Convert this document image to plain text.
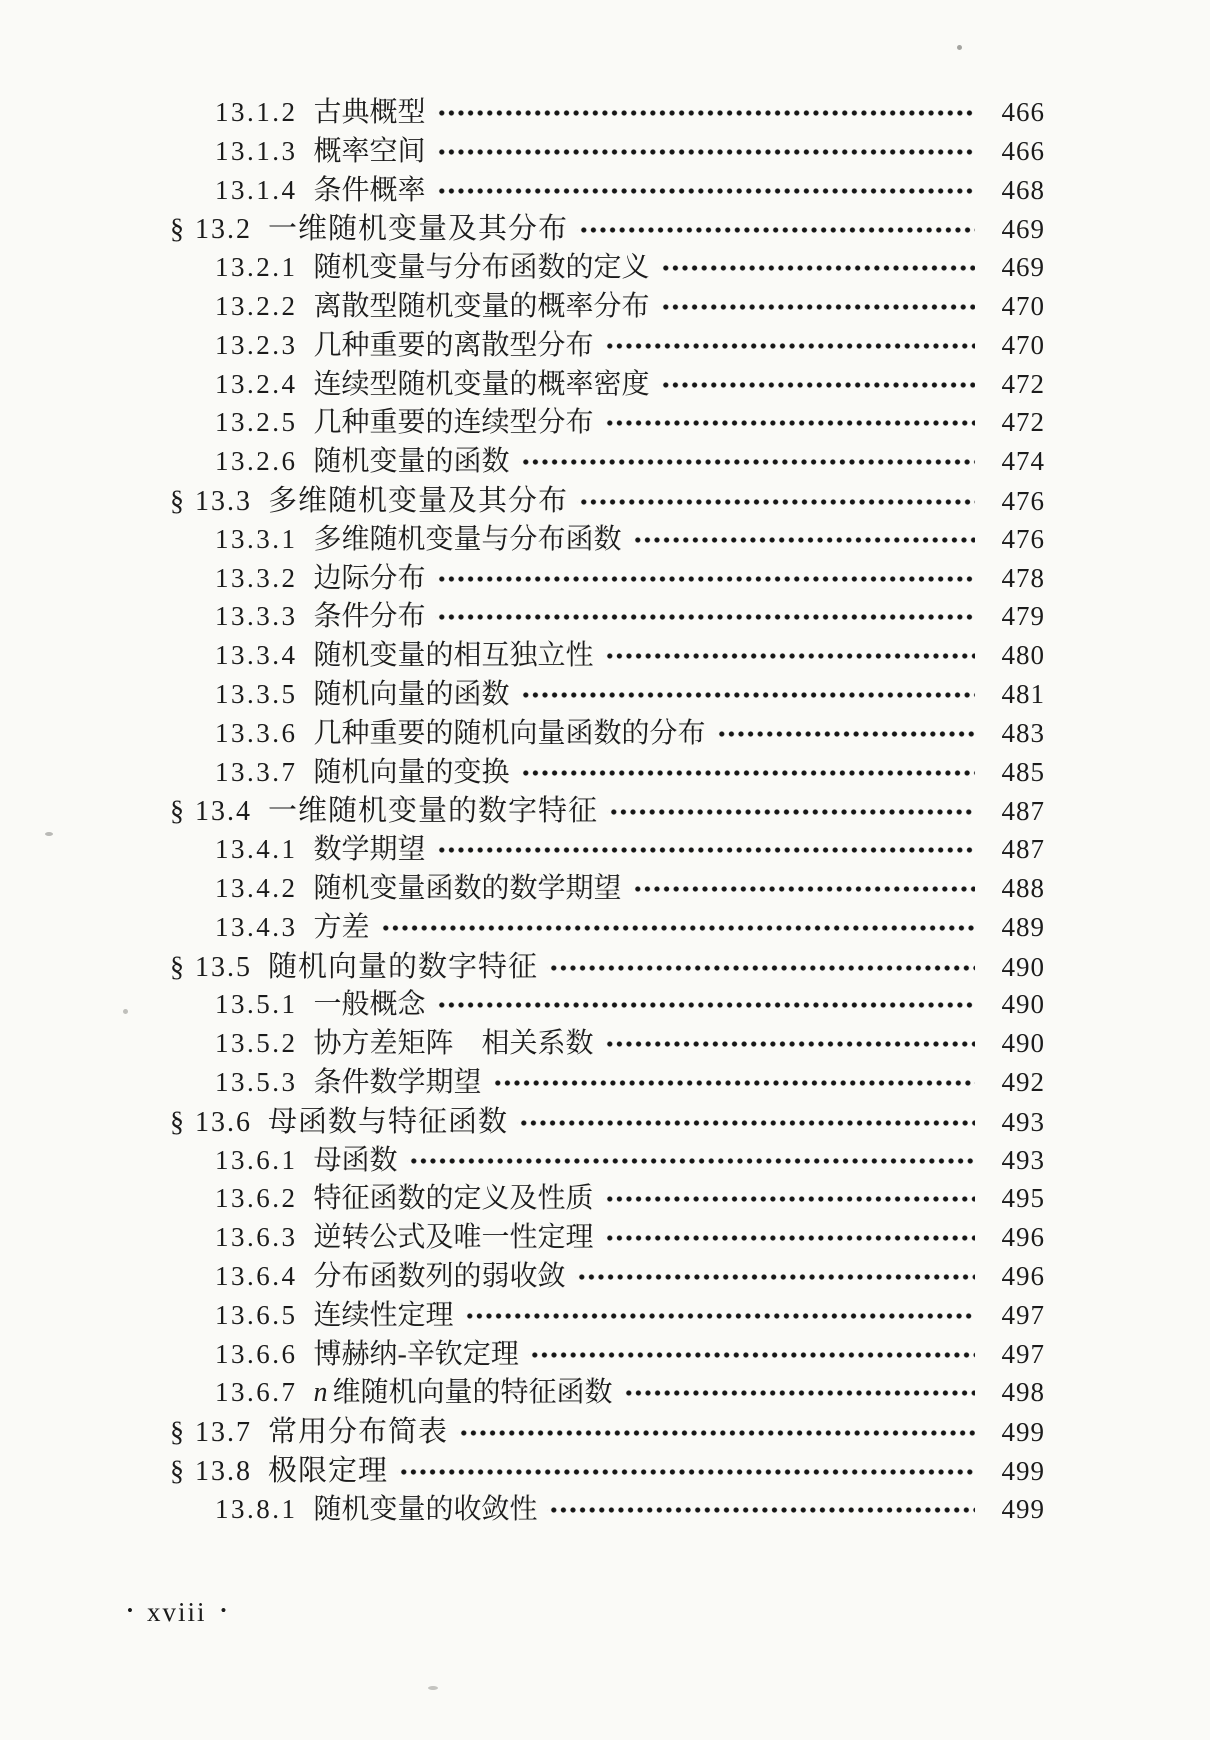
13.1.2 古典概型	466
13.1.3 概率空间	466
13.1.4 条件概率	468
§ 13.2 一维随机变量及其分布	469
13.2.1 随机变量与分布函数的定义	469
13.2.2 离散型随机变量的概率分布	470
13.2.3 几种重要的离散型分布	470
13.2.4 连续型随机变量的概率密度	472
13.2.5 几种重要的连续型分布	472
13.2.6 随机变量的函数	474
§ 13.3 多维随机变量及其分布	476
13.3.1 多维随机变量与分布函数	476
13.3.2 边际分布	478
13.3.3 条件分布	479
13.3.4 随机变量的相互独立性	480
13.3.5 随机向量的函数	481
13.3.6 几种重要的随机向量函数的分布	483
13.3.7 随机向量的变换	485
§ 13.4 一维随机变量的数字特征	487
13.4.1 数学期望	487
13.4.2 随机变量函数的数学期望	488
13.4.3 方差	489
§ 13.5 随机向量的数字特征	490
13.5.1 一般概念	490
13.5.2 协方差矩阵　相关系数	490
13.5.3 条件数学期望	492
§ 13.6 母函数与特征函数	493
13.6.1 母函数	493
13.6.2 特征函数的定义及性质	495
13.6.3 逆转公式及唯一性定理	496
13.6.4 分布函数列的弱收敛	496
13.6.5 连续性定理	497
13.6.6 博赫纳-辛钦定理	497
13.6.7 n 维随机向量的特征函数	498
§ 13.7 常用分布简表	499
§ 13.8 极限定理	499
13.8.1 随机变量的收敛性	499
• xviii •
